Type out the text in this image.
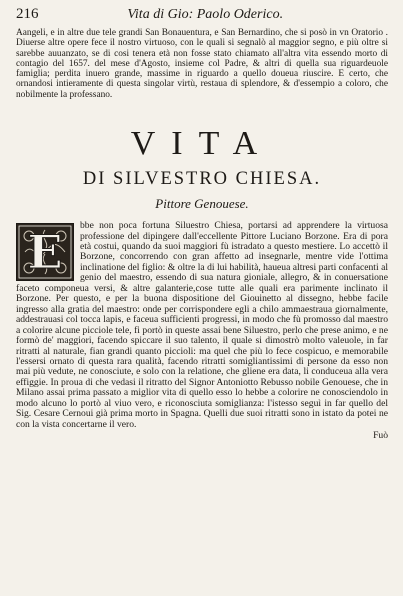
216	Vita di Gio: Paolo Oderico.

Aangeli, e in altre due tele grandi San Bonauentura, e San Bernardino, che si posò in vn Oratorio . Diuerse altre opere fece il nostro virtuoso, con le quali si segnalò al maggior segno, e più oltre si sarebbe auuanzato, se di cosi tenera età non fosse stato chiamato all'altra vita essendo morto di contagio del 1657. del mese d'Agosto, insieme col Padre, & altri di quella sua riguardeuole famiglia; perdita inuero grande, massime in riguardo a quello doueua riuscire. E certo, che ornandosi intieramente di questa singolar virtù, restaua di splendore, & d'essempio a coloro, che nobilmente la professano.

VITA
DI SILVESTRO CHIESA.
Pittore Genouese.
E	bbe non poca fortuna Siluestro Chiesa, portarsi ad apprendere la virtuosa professione del dipingere dall'eccellente Pittore Luciano Borzone. Era di pora età costui, quando da suoi maggiori fù istradato a questo mestiere. Lo accettò il Borzone, concorrendo con gran affetto ad insegnarle, mentre vide l'ottima inclinatione del figlio: & oltre la di lui habilità, haueua altresi parti confacenti al genio del maestro, essendo di sua natura gioniale, allegro, & in conuersatione faceto componeua versi, & altre galanterie,cose tutte alle quali era parimente inclinato il Borzone. Per questo, e per la buona dispositione del Giouinetto al dissegno, hebbe facile ingresso alla gratia del maestro: onde per corrispondere egli a chilo ammaestraua giornalmente, addestrauasi col tocca lapis, e faceua sufficienti progressi, in modo che fù promosso dal maestro a colorire alcune picciole tele, fi portò in queste assai bene Siluestro, perlo che prese animo, e ne formò de' maggiori, facendo spiccare il suo talento, il quale si dimostrò molto valeuole, in far ritratti al naturale, fian grandi quanto piccioli: ma quel che più lo fece cospicuo, e memorabile l'essersi ornato di questa rara qualità, facendo ritratti somigliantissimi di persone da esso non mai più vedute, ne conosciute, e solo con la relatione, che gliene era data, li conduceua alla vera effiggie. In proua di che vedasi il ritratto del Signor Antoniotto Rebusso nobile Genouese, che in Milano assai prima passato a miglior vita di quello esso lo hebbe a colorire ne conosciendolo in modo alcuno lo portò al viuo vero, e riconosciuta somiglianza: l'istesso seguì in far quello del Sig. Cesare Cernoui già prima morto in Spagna. Quelli due suoi ritratti sono in istato da potei ne con la vista concertarne il vero.
Fuò
